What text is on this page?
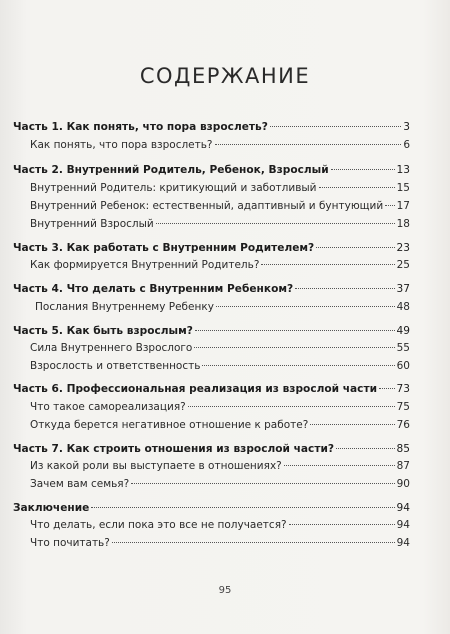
СОДЕРЖАНИЕ
Часть 1. Как понять, что пора взрослеть?	3
Как понять, что пора взрослеть?	6
Часть 2. Внутренний Родитель, Ребенок, Взрослый	13
Внутренний Родитель: критикующий и заботливый	15
Внутренний Ребенок: естественный, адаптивный и бунтующий 17
Внутренний Взрослый	18
Часть 3. Как работать с Внутренним Родителем?	23
Как формируется Внутренний Родитель?	25
Часть 4. Что делать с Внутренним Ребенком?	37
Послания Внутреннему Ребенку	48
Часть 5. Как быть взрослым?	49
Сила Внутреннего Взрослого	55
Взрослость и ответственность	60
Часть 6. Профессиональная реализация из взрослой части 73
Что такое самореализация?	75
Откуда берется негативное отношение к работе?	76
Часть 7. Как строить отношения из взрослой части?	85
Из какой роли вы выступаете в отношениях?	87
Зачем вам семья?	90
Заключение	94
Что делать, если пока это все не получается?	94
Что почитать?	94
95
